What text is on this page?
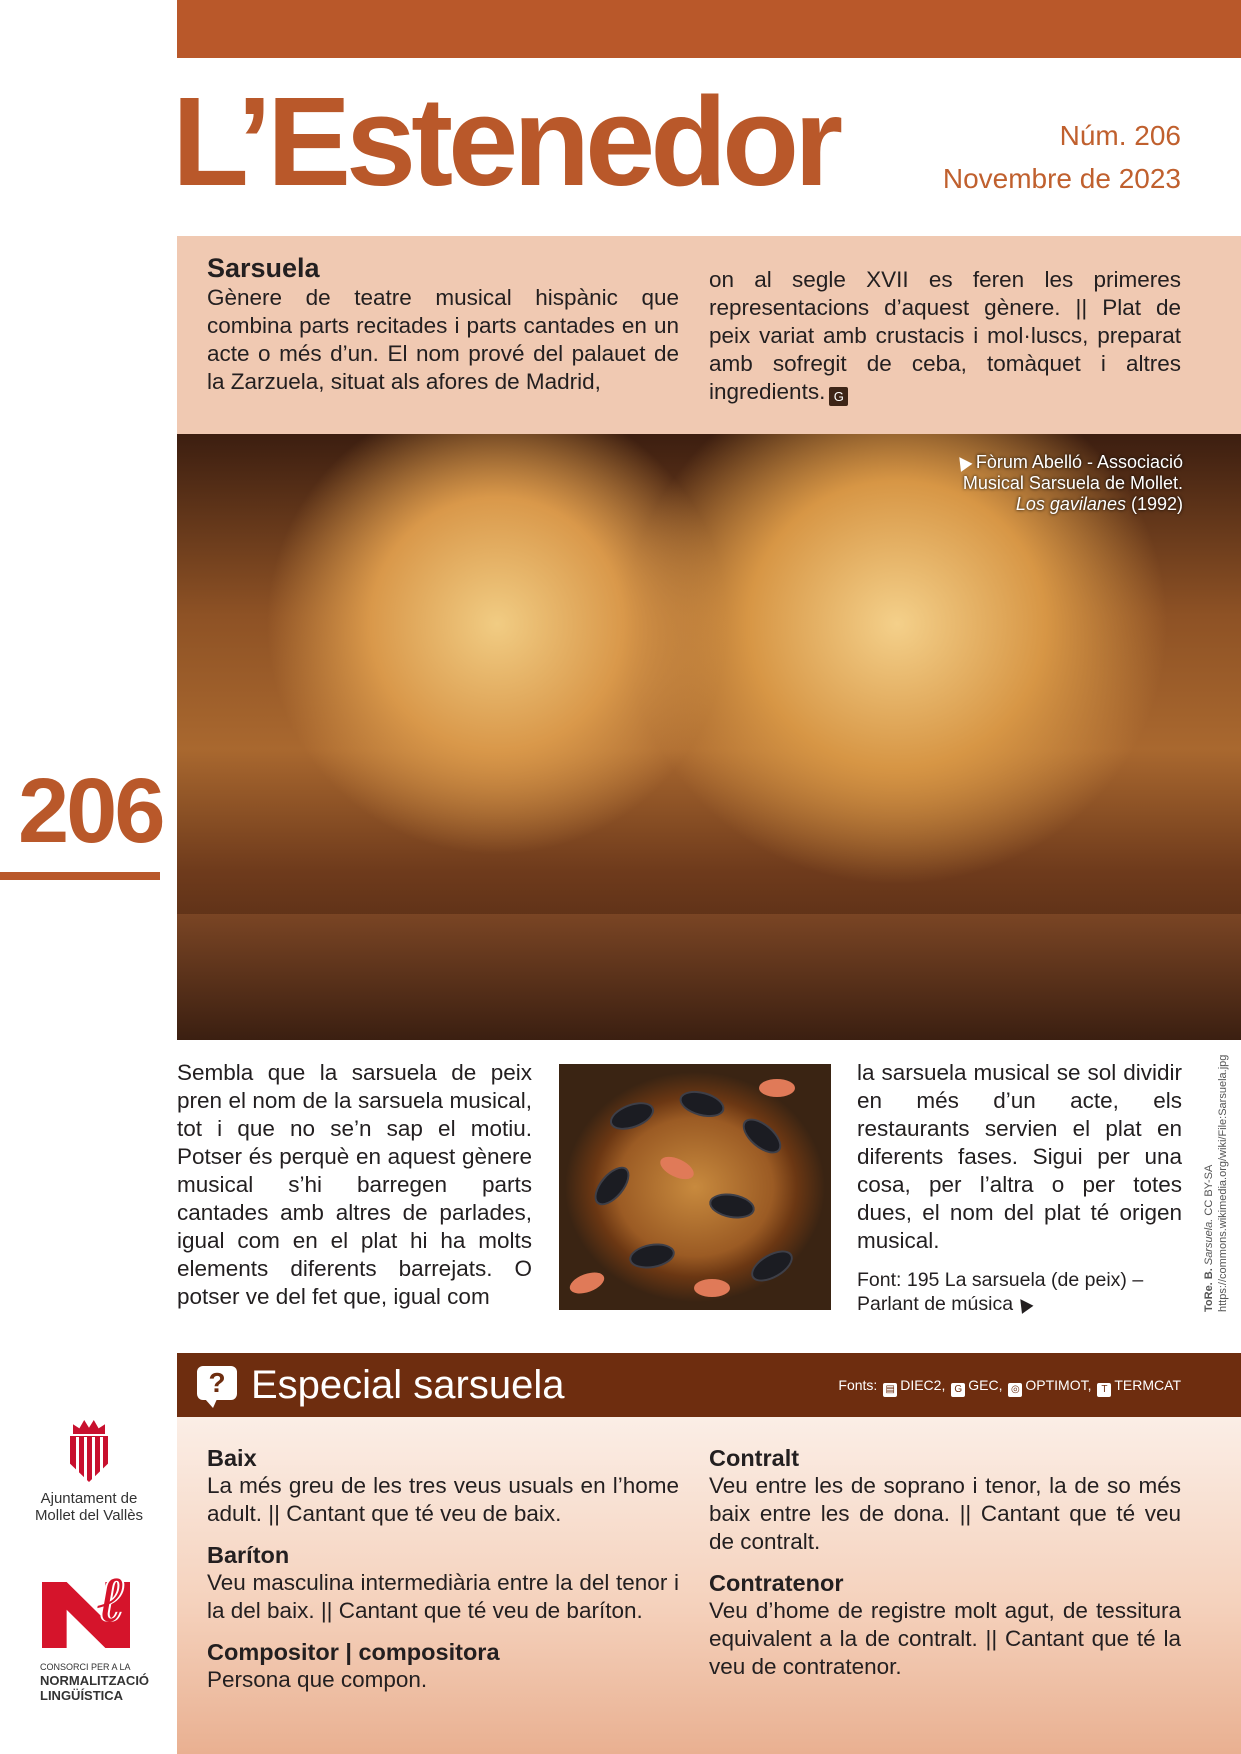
L’Estenedor	Núm. 206
Novembre de 2023
206
Sarsuela
Gènere de teatre musical hispànic que combina parts recitades i parts cantades en un acte o més d’un. El nom prové del palauet de la Zarzuela, situat als afores de Madrid,
on al segle XVII es feren les primeres representacions d’aquest gènere. || Plat de peix variat amb crustacis i mol·luscs, preparat amb sofregit de ceba, tomàquet i altres ingredients. G
Fòrum Abelló - Associació
Musical Sarsuela de Mollet.
Los gavilanes (1992)

Sembla que la sarsuela de peix pren el nom de la sarsuela musical, tot i que no se’n sap el motiu. Potser és perquè en aquest gènere musical s’hi barregen parts cantades amb altres de parlades, igual com en el plat hi ha molts elements diferents barrejats. O potser ve del fet que, igual com

la sarsuela musical se sol dividir en més d’un acte, els restaurants servien el plat en diferents fases. Sigui per una cosa, per l’altra o per totes dues, el nom del plat té origen musical.

Font: 195 La sarsuela (de peix) – Parlant de música	ToRe. B. Sarsuela. CC BY-SA https://commons.wikimedia.org/wiki/File:Sarsuela.jpg
? Especial sarsuela	Fonts: ▤ DIEC2, G GEC, ◎ OPTIMOT, T TERMCAT
Baix

La més greu de les tres veus usuals en l’home adult. || Cantant que té veu de baix.

Baríton

Veu masculina intermediària entre la del tenor i la del baix. || Cantant que té veu de baríton.

Compositor | compositora

Persona que compon.

Contralt

Veu entre les de soprano i tenor, la de so més baix entre les de dona. || Cantant que té veu de contralt.

Contratenor

Veu d’home de registre molt agut, de tessitura equivalent a la de contralt. || Cantant que té la veu de contratenor.

Ajuntament de
Mollet del Vallès
ℓ
CONSORCI PER A LA
NORMALITZACIÓ
LINGÜÍSTICA
